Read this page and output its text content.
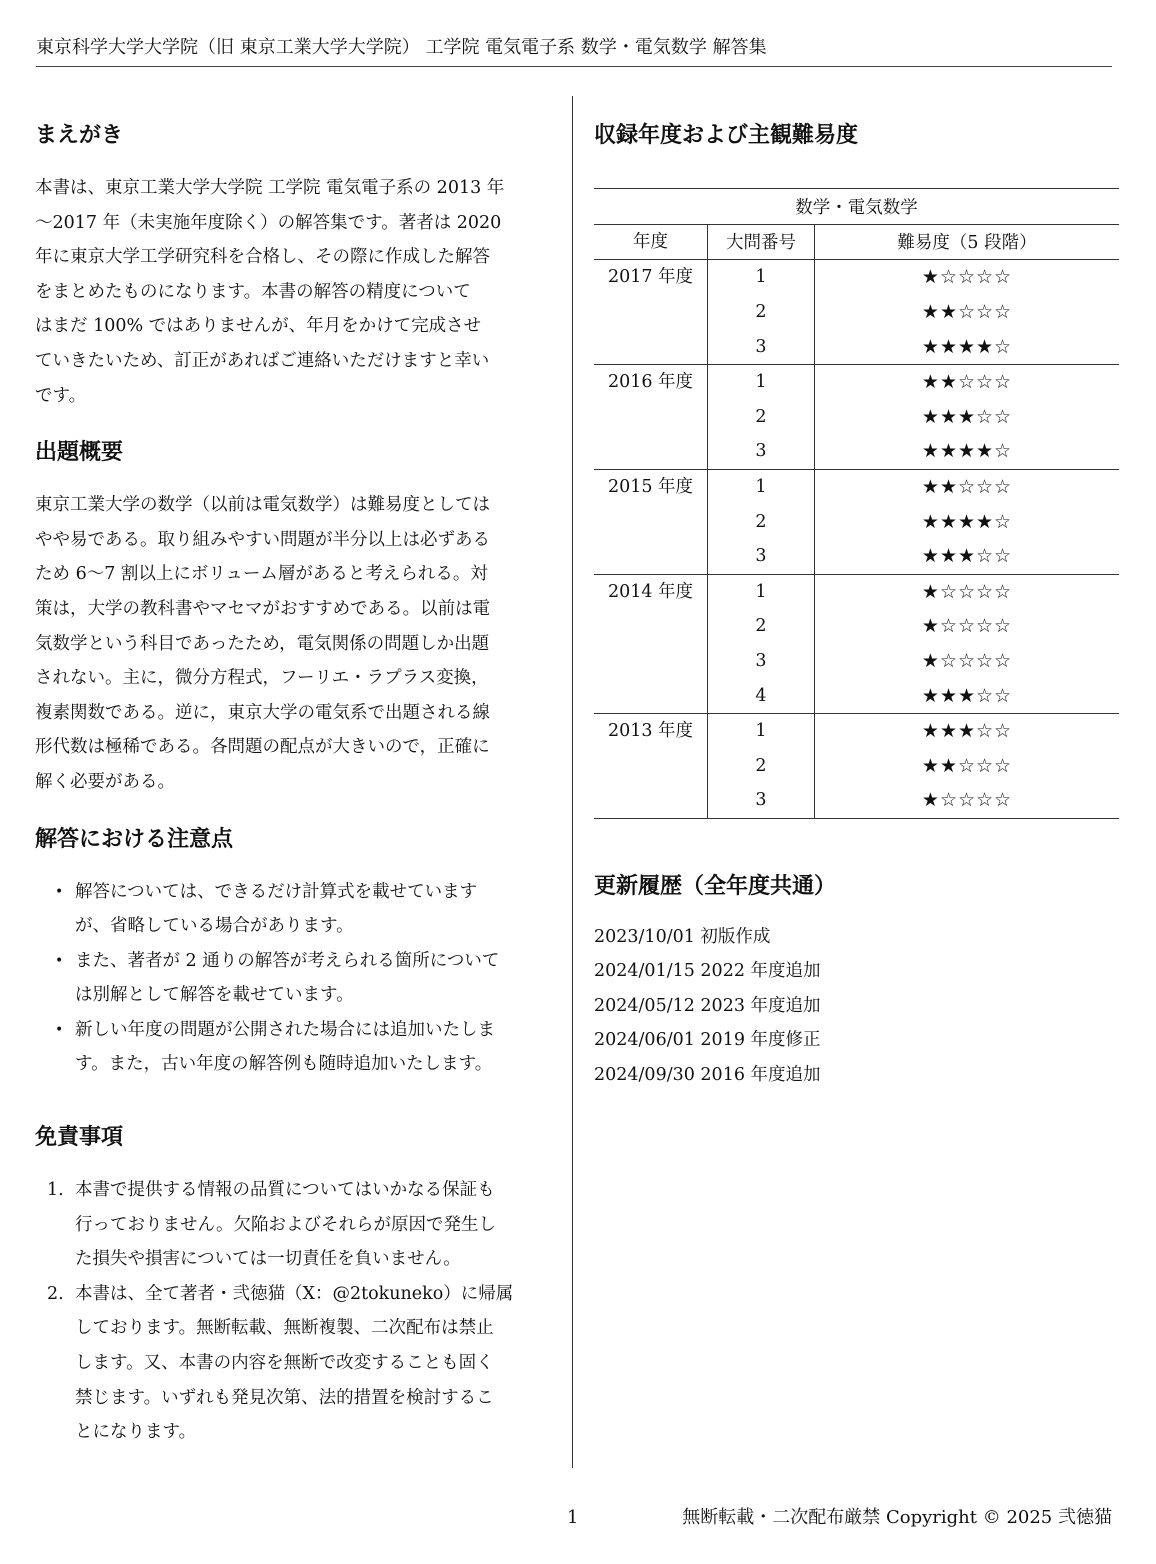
東京科学大学大学院（旧 東京工業大学大学院） 工学院 電気電子系 数学・電気数学 解答集
まえがき
本書は、東京工業大学大学院 工学院 電気電子系の 2013 年
～2017 年（未実施年度除く）の解答集です。著者は 2020
年に東京大学工学研究科を合格し、その際に作成した解答
をまとめたものになります。本書の解答の精度について
はまだ 100% ではありませんが、年月をかけて完成させ
ていきたいため、訂正があればご連絡いただけますと幸い
です。
出題概要
東京工業大学の数学（以前は電気数学）は難易度としては
やや易である。取り組みやすい問題が半分以上は必ずある
ため 6～7 割以上にボリューム層があると考えられる。対
策は，大学の教科書やマセマがおすすめである。以前は電
気数学という科目であったため，電気関係の問題しか出題
されない。主に，微分方程式，フーリエ・ラプラス変換，
複素関数である。逆に，東京大学の電気系で出題される線
形代数は極稀である。各問題の配点が大きいので，正確に
解く必要がある。
解答における注意点
• 解答については、できるだけ計算式を載せています
が、省略している場合があります。
• また、著者が 2 通りの解答が考えられる箇所について
は別解として解答を載せています。
• 新しい年度の問題が公開された場合には追加いたしま
す。また，古い年度の解答例も随時追加いたします。
免責事項
1. 本書で提供する情報の品質についてはいかなる保証も
行っておりません。欠陥およびそれらが原因で発生し
た損失や損害については一切責任を負いません。
2. 本書は、全て著者・弐徳猫（X：@2tokuneko）に帰属
しております。無断転載、無断複製、二次配布は禁止
します。又、本書の内容を無断で改変することも固く
禁じます。いずれも発見次第、法的措置を検討するこ
とになります。
収録年度および主観難易度
数学・電気数学		
年度	大問番号	難易度（5 段階）
2017 年度	1	★☆☆☆☆
	2	★★☆☆☆
	3	★★★★☆
2016 年度	1	★★☆☆☆
	2	★★★☆☆
	3	★★★★☆
2015 年度	1	★★☆☆☆
	2	★★★★☆
	3	★★★☆☆
2014 年度	1	★☆☆☆☆
	2	★☆☆☆☆
	3	★☆☆☆☆
	4	★★★☆☆
2013 年度	1	★★★☆☆
	2	★★☆☆☆
	3	★☆☆☆☆
更新履歴（全年度共通）
2023/10/01 初版作成
2024/01/15 2022 年度追加
2024/05/12 2023 年度追加
2024/06/01 2019 年度修正
2024/09/30 2016 年度追加
1	無断転載・二次配布厳禁 Copyright © 2025 弐徳猫
